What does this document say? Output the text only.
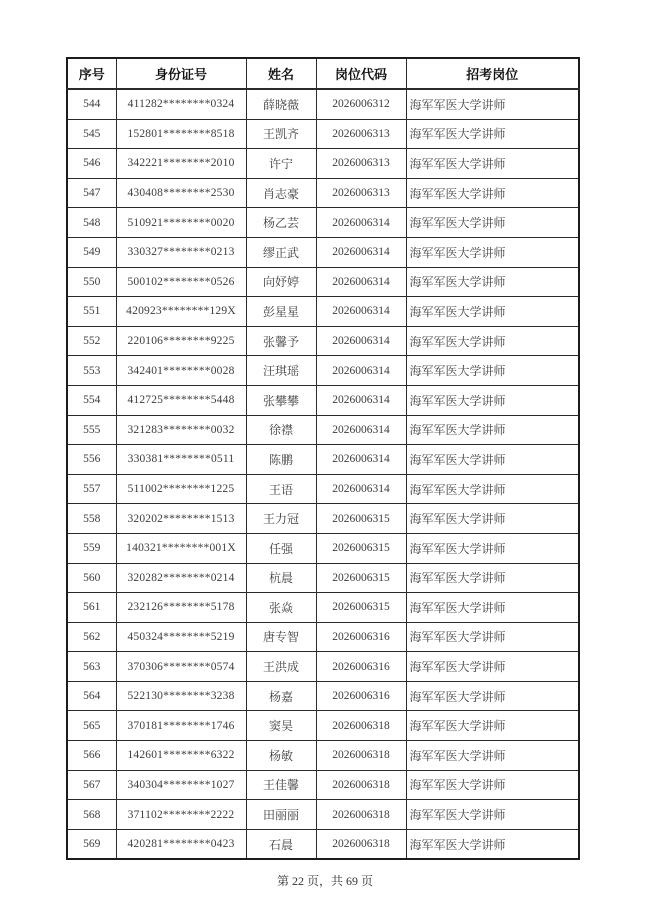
序号	身份证号	姓名	岗位代码	招考岗位
544	411282********0324	薛晓薇	2026006312	海军军医大学讲师
545	152801********8518	王凯齐	2026006313	海军军医大学讲师
546	342221********2010	许宁	2026006313	海军军医大学讲师
547	430408********2530	肖志豪	2026006313	海军军医大学讲师
548	510921********0020	杨乙芸	2026006314	海军军医大学讲师
549	330327********0213	缪正武	2026006314	海军军医大学讲师
550	500102********0526	向妤婷	2026006314	海军军医大学讲师
551	420923********129X	彭星星	2026006314	海军军医大学讲师
552	220106********9225	张馨予	2026006314	海军军医大学讲师
553	342401********0028	汪琪瑶	2026006314	海军军医大学讲师
554	412725********5448	张攀攀	2026006314	海军军医大学讲师
555	321283********0032	徐襟	2026006314	海军军医大学讲师
556	330381********0511	陈鹏	2026006314	海军军医大学讲师
557	511002********1225	王语	2026006314	海军军医大学讲师
558	320202********1513	王力冠	2026006315	海军军医大学讲师
559	140321********001X	任强	2026006315	海军军医大学讲师
560	320282********0214	杭晨	2026006315	海军军医大学讲师
561	232126********5178	张焱	2026006315	海军军医大学讲师
562	450324********5219	唐专智	2026006316	海军军医大学讲师
563	370306********0574	王洪成	2026006316	海军军医大学讲师
564	522130********3238	杨嘉	2026006316	海军军医大学讲师
565	370181********1746	窦昊	2026006318	海军军医大学讲师
566	142601********6322	杨敏	2026006318	海军军医大学讲师
567	340304********1027	王佳馨	2026006318	海军军医大学讲师
568	371102********2222	田丽丽	2026006318	海军军医大学讲师
569	420281********0423	石晨	2026006318	海军军医大学讲师
第 22 页，共 69 页
